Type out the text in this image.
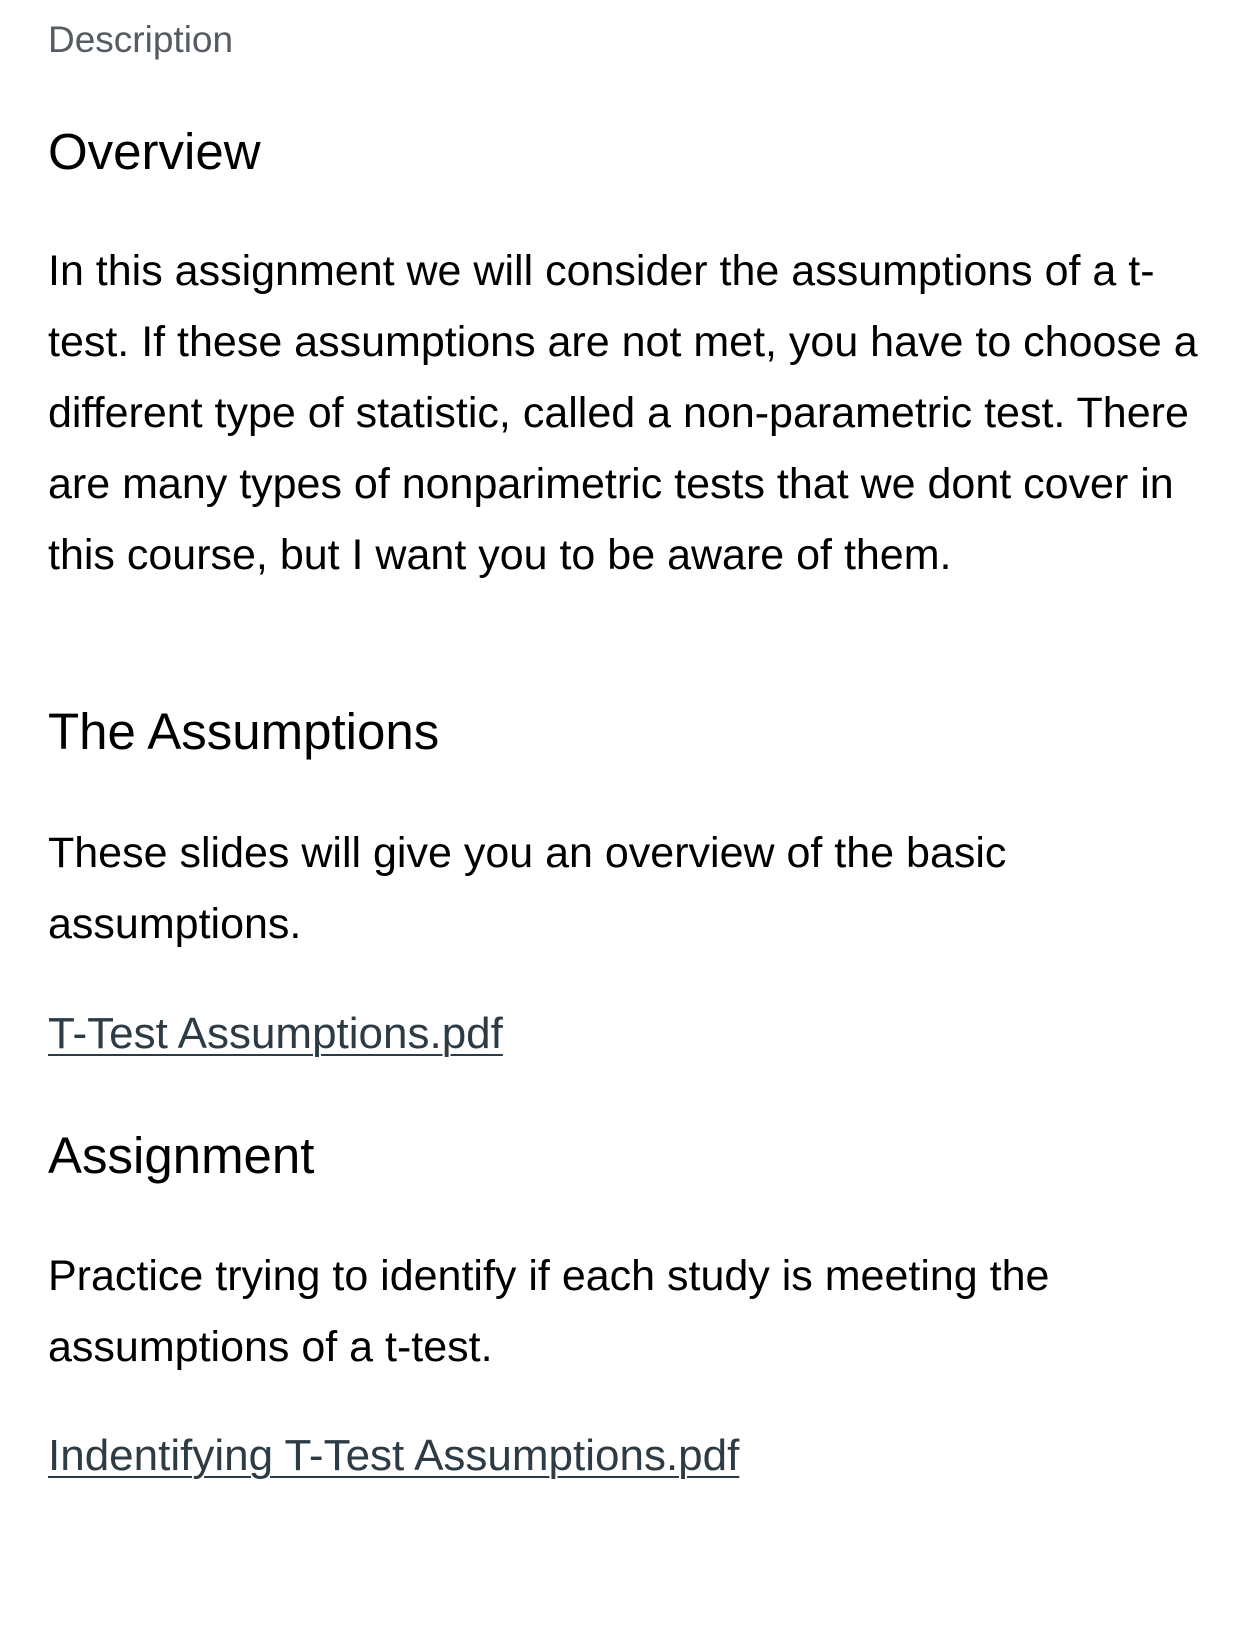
Description
Overview

In this assignment we will consider the assumptions of a t-test. If these assumptions are not met, you have to choose a different type of statistic, called a non-parametric test. There are many types of nonparimetric tests that we dont cover in this course, but I want you to be aware of them.

The Assumptions

These slides will give you an overview of the basic assumptions.

T-Test Assumptions.pdf
Assignment

Practice trying to identify if each study is meeting the assumptions of a t-test.

Indentifying T-Test Assumptions.pdf
